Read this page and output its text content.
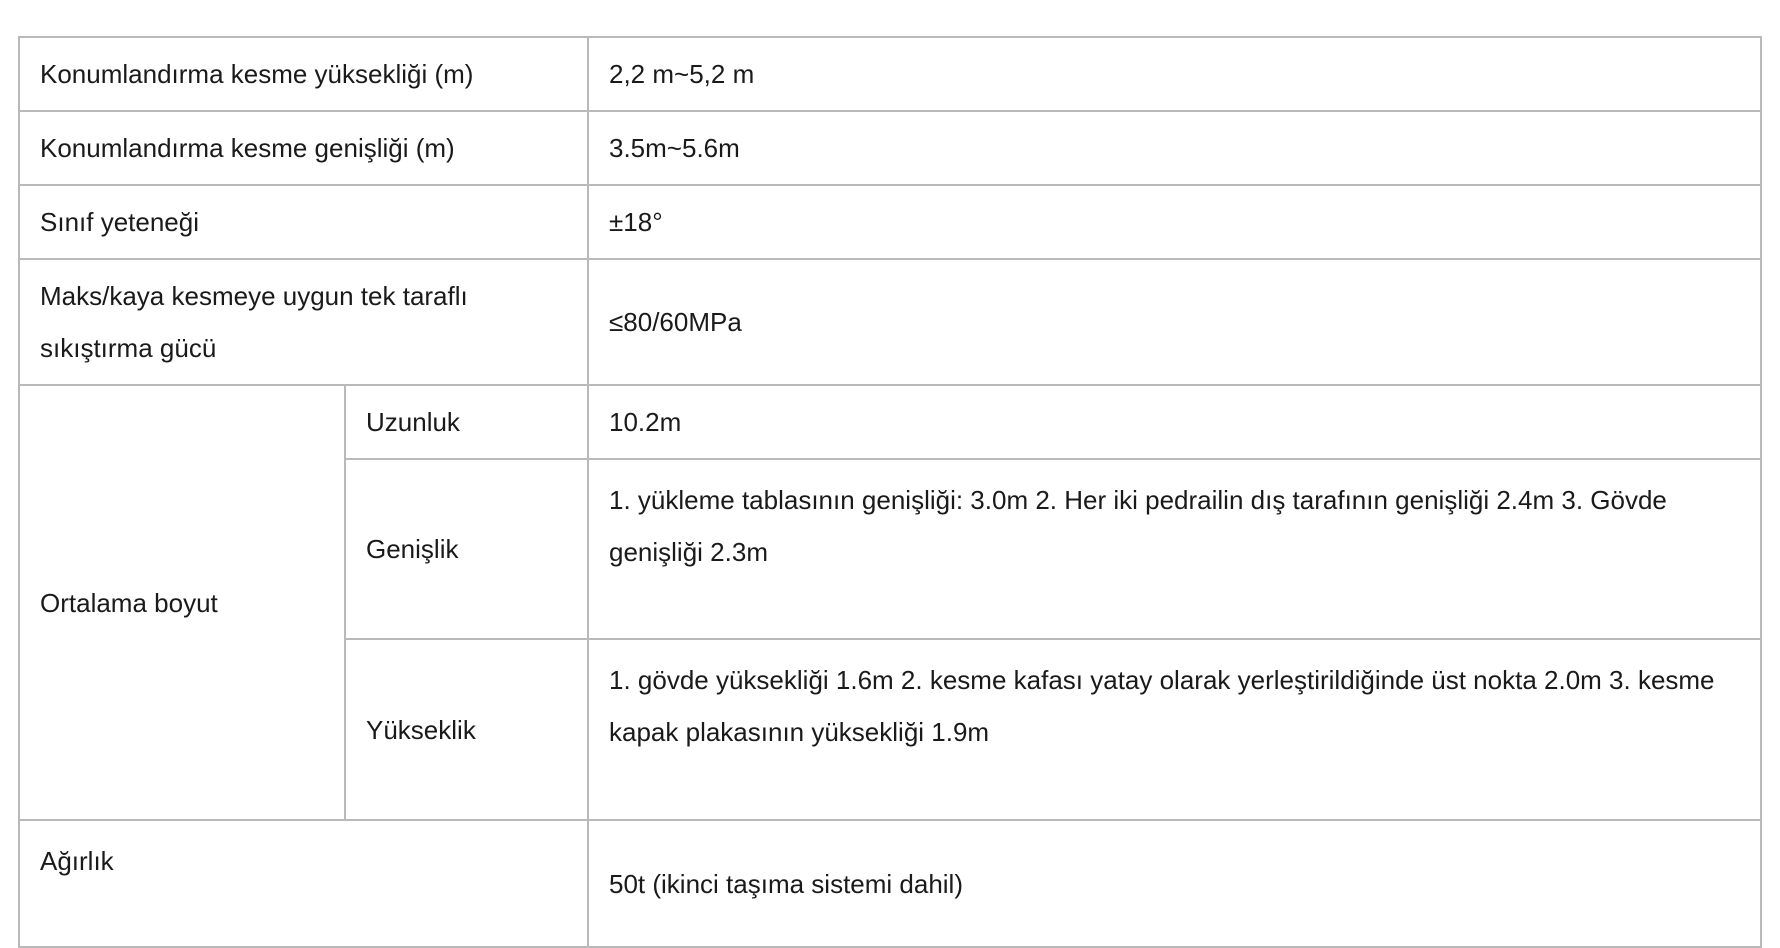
Konumlandırma kesme yüksekliği (m)		2,2 m~5,2 m
Konumlandırma kesme genişliği (m)		3.5m~5.6m
Sınıf yeteneği		±18°
Maks/kaya kesmeye uygun tek taraflı sıkıştırma gücü		≤80/60MPa
Ortalama boyut	Uzunluk	10.2m
	Genişlik	1. yükleme tablasının genişliği: 3.0m 2. Her iki pedrailin dış tarafının genişliği 2.4m 3. Gövde genişliği 2.3m
	Yükseklik	1. gövde yüksekliği 1.6m 2. kesme kafası yatay olarak yerleştirildiğinde üst nokta 2.0m 3. kesme kapak plakasının yüksekliği 1.9m
Ağırlık		50t (ikinci taşıma sistemi dahil)
